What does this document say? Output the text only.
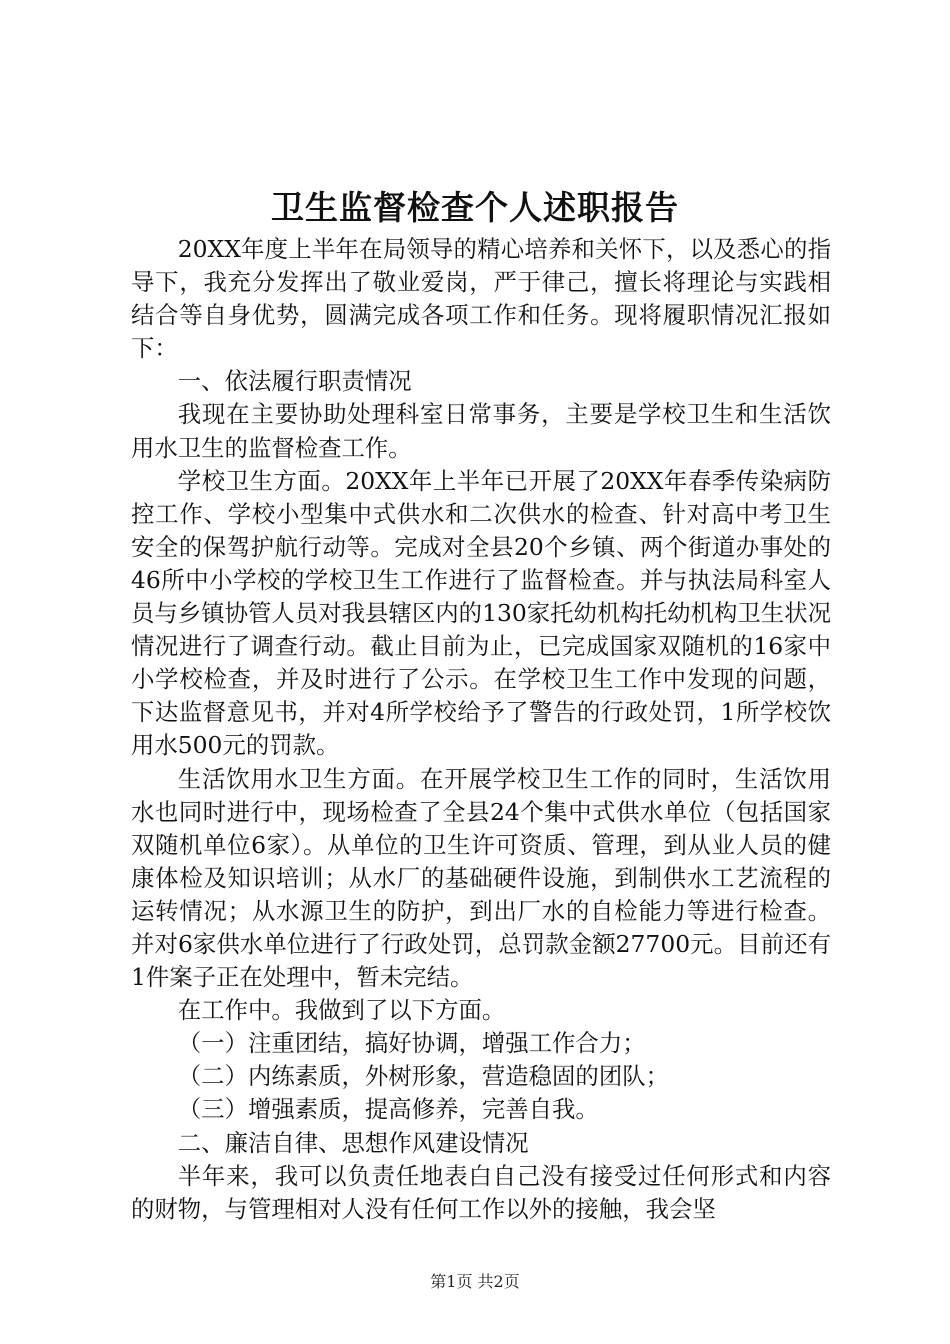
卫生监督检查个人述职报告

20XX年度上半年在局领导的精心培养和关怀下，以及悉心的指导下，我充分发挥出了敬业爱岗，严于律己，擅长将理论与实践相结合等自身优势，圆满完成各项工作和任务。现将履职情况汇报如下：

一、依法履行职责情况

我现在主要协助处理科室日常事务，主要是学校卫生和生活饮用水卫生的监督检查工作。

学校卫生方面。20XX年上半年已开展了20XX年春季传染病防控工作、学校小型集中式供水和二次供水的检查、针对高中考卫生安全的保驾护航行动等。完成对全县20个乡镇、两个街道办事处的46所中小学校的学校卫生工作进行了监督检查。并与执法局科室人员与乡镇协管人员对我县辖区内的130家托幼机构托幼机构卫生状况情况进行了调查行动。截止目前为止，已完成国家双随机的16家中小学校检查，并及时进行了公示。在学校卫生工作中发现的问题，下达监督意见书，并对4所学校给予了警告的行政处罚，1所学校饮用水500元的罚款。

生活饮用水卫生方面。在开展学校卫生工作的同时，生活饮用水也同时进行中，现场检查了全县24个集中式供水单位（包括国家双随机单位6家）。从单位的卫生许可资质、管理，到从业人员的健康体检及知识培训；从水厂的基础硬件设施，到制供水工艺流程的运转情况；从水源卫生的防护，到出厂水的自检能力等进行检查。并对6家供水单位进行了行政处罚，总罚款金额27700元。目前还有1件案子正在处理中，暂未完结。

在工作中。我做到了以下方面。

（一）注重团结，搞好协调，增强工作合力；

（二）内练素质，外树形象，营造稳固的团队；

（三）增强素质，提高修养，完善自我。

二、廉洁自律、思想作风建设情况

半年来，我可以负责任地表白自己没有接受过任何形式和内容的财物，与管理相对人没有任何工作以外的接触，我会坚

第1页 共2页
